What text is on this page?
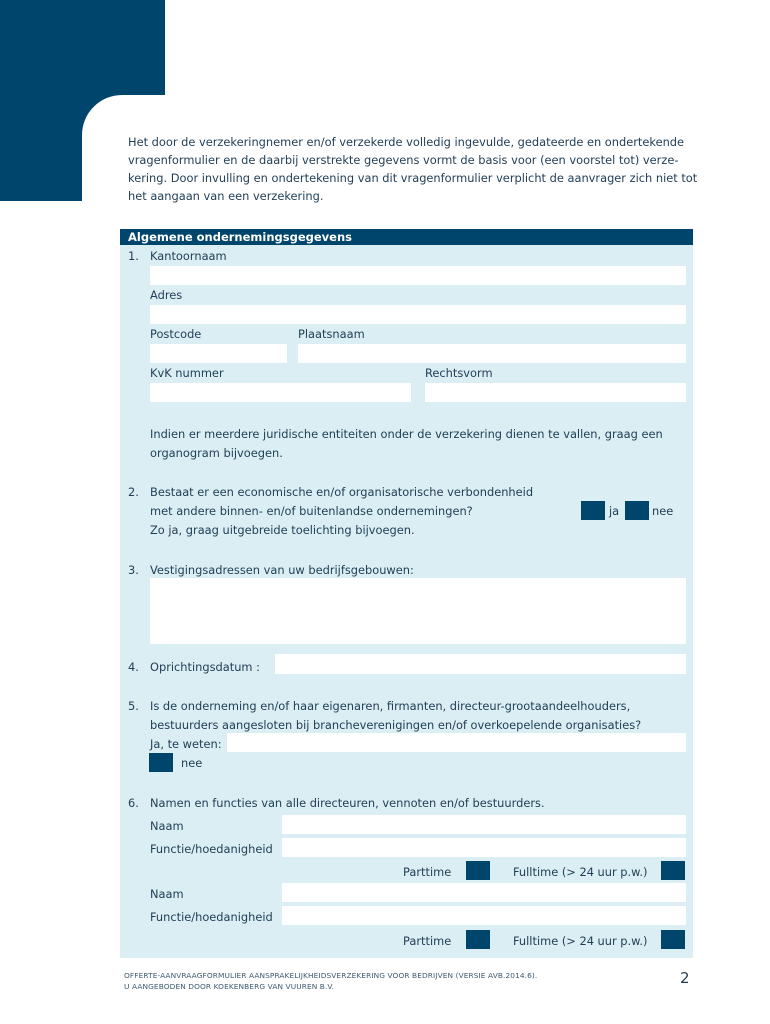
Het door de verzekeringnemer en/of verzekerde volledig ingevulde, gedateerde en ondertekende
vragenformulier en de daarbij verstrekte gegevens vormt de basis voor (een voorstel tot) verze-
kering. Door invulling en ondertekening van dit vragenformulier verplicht de aanvrager zich niet tot
het aangaan van een verzekering.
Algemene ondernemingsgegevens
1. Kantoornaam
Adres
Postcode	Plaatsnaam
KvK nummer	Rechtsvorm
Indien er meerdere juridische entiteiten onder de verzekering dienen te vallen, graag een
organogram bijvoegen.
2. Bestaat er een economische en/of organisatorische verbondenheid
met andere binnen- en/of buitenlandse ondernemingen?
Zo ja, graag uitgebreide toelichting bijvoegen.
ja	nee
3. Vestigingsadressen van uw bedrijfsgebouwen:
4. Oprichtingsdatum :
5. Is de onderneming en/of haar eigenaren, firmanten, directeur-grootaandeelhouders,
bestuurders aangesloten bij brancheverenigingen en/of overkoepelende organisaties?
Ja, te weten:
nee
6. Namen en functies van alle directeuren, vennoten en/of bestuurders.
Naam
Functie/hoedanigheid
Parttime	Fulltime (> 24 uur p.w.)
Naam
Functie/hoedanigheid
Parttime	Fulltime (> 24 uur p.w.)
OFFERTE-AANVRAAGFORMULIER AANSPRAKELIJKHEIDSVERZEKERING VOOR BEDRIJVEN (VERSIE AVB.2014.6).
U AANGEBODEN DOOR KOEKENBERG VAN VUUREN B.V.	2
